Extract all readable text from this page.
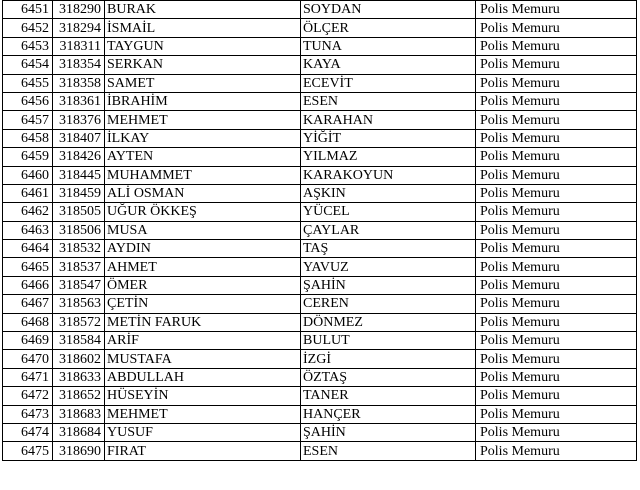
6451	318290	BURAK	SOYDAN	Polis Memuru
6452	318294	İSMAİL	ÖLÇER	Polis Memuru
6453	318311	TAYGUN	TUNA	Polis Memuru
6454	318354	SERKAN	KAYA	Polis Memuru
6455	318358	SAMET	ECEVİT	Polis Memuru
6456	318361	İBRAHİM	ESEN	Polis Memuru
6457	318376	MEHMET	KARAHAN	Polis Memuru
6458	318407	İLKAY	YİĞİT	Polis Memuru
6459	318426	AYTEN	YILMAZ	Polis Memuru
6460	318445	MUHAMMET	KARAKOYUN	Polis Memuru
6461	318459	ALİ OSMAN	AŞKIN	Polis Memuru
6462	318505	UĞUR ÖKKEŞ	YÜCEL	Polis Memuru
6463	318506	MUSA	ÇAYLAR	Polis Memuru
6464	318532	AYDIN	TAŞ	Polis Memuru
6465	318537	AHMET	YAVUZ	Polis Memuru
6466	318547	ÖMER	ŞAHİN	Polis Memuru
6467	318563	ÇETİN	CEREN	Polis Memuru
6468	318572	METİN FARUK	DÖNMEZ	Polis Memuru
6469	318584	ARİF	BULUT	Polis Memuru
6470	318602	MUSTAFA	İZGİ	Polis Memuru
6471	318633	ABDULLAH	ÖZTAŞ	Polis Memuru
6472	318652	HÜSEYİN	TANER	Polis Memuru
6473	318683	MEHMET	HANÇER	Polis Memuru
6474	318684	YUSUF	ŞAHİN	Polis Memuru
6475	318690	FIRAT	ESEN	Polis Memuru
